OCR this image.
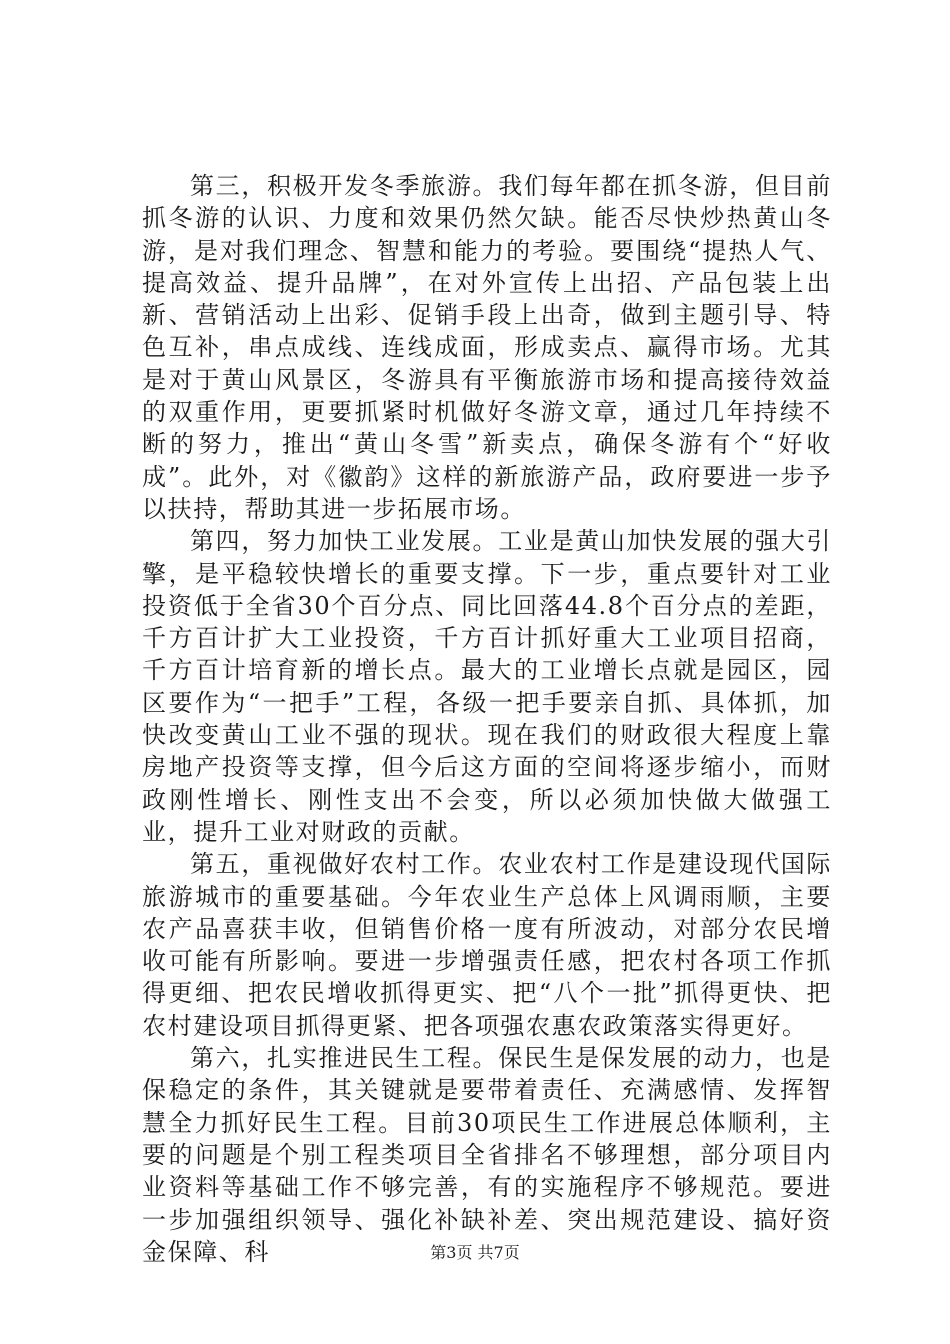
第三，积极开发冬季旅游。我们每年都在抓冬游，但目前抓冬游的认识、力度和效果仍然欠缺。能否尽快炒热黄山冬游，是对我们理念、智慧和能力的考验。要围绕“提热人气、提高效益、提升品牌”，在对外宣传上出招、产品包装上出新、营销活动上出彩、促销手段上出奇，做到主题引导、特色互补，串点成线、连线成面，形成卖点、赢得市场。尤其是对于黄山风景区，冬游具有平衡旅游市场和提高接待效益的双重作用，更要抓紧时机做好冬游文章，通过几年持续不断的努力，推出“黄山冬雪”新卖点，确保冬游有个“好收成”。此外，对《徽韵》这样的新旅游产品，政府要进一步予以扶持，帮助其进一步拓展市场。

第四，努力加快工业发展。工业是黄山加快发展的强大引擎，是平稳较快增长的重要支撑。下一步，重点要针对工业投资低于全省30个百分点、同比回落44.8个百分点的差距，千方百计扩大工业投资，千方百计抓好重大工业项目招商，千方百计培育新的增长点。最大的工业增长点就是园区，园区要作为“一把手”工程，各级一把手要亲自抓、具体抓，加快改变黄山工业不强的现状。现在我们的财政很大程度上靠房地产投资等支撑，但今后这方面的空间将逐步缩小，而财政刚性增长、刚性支出不会变，所以必须加快做大做强工业，提升工业对财政的贡献。

第五，重视做好农村工作。农业农村工作是建设现代国际旅游城市的重要基础。今年农业生产总体上风调雨顺，主要农产品喜获丰收，但销售价格一度有所波动，对部分农民增收可能有所影响。要进一步增强责任感，把农村各项工作抓得更细、把农民增收抓得更实、把“八个一批”抓得更快、把农村建设项目抓得更紧、把各项强农惠农政策落实得更好。

第六，扎实推进民生工程。保民生是保发展的动力，也是保稳定的条件，其关键就是要带着责任、充满感情、发挥智慧全力抓好民生工程。目前30项民生工作进展总体顺利，主要的问题是个别工程类项目全省排名不够理想，部分项目内业资料等基础工作不够完善，有的实施程序不够规范。要进一步加强组织领导、强化补缺补差、突出规范建设、搞好资金保障、科	第3页 共7页
